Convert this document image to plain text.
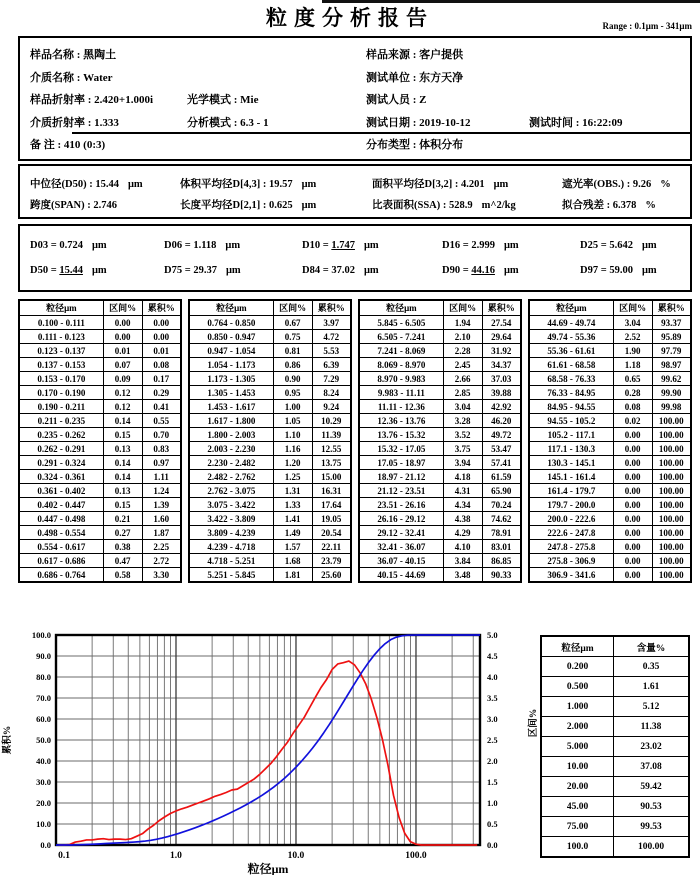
粒度分析报告	Range : 0.1μm - 341μm
样品名称 : 黑陶土	样品来源 : 客户提供
介质名称 : Water	测试单位 : 东方天净
样品折射率 : 2.420+1.000i	光学模式 : Mie	测试人员 : Z
介质折射率 : 1.333	分析模式 : 6.3 - 1	测试日期 : 2019-10-12	测试时间 : 16:22:09
备 注 : 410 (0:3)	分布类型 : 体积分布
中位径(D50) : 15.44 μm	体积平均径D[4,3] : 19.57 μm	面积平均径D[3,2] : 4.201 μm	遮光率(OBS.) : 9.26 %
跨度(SPAN) : 2.746	长度平均径D[2,1] : 0.625 μm	比表面积(SSA) : 528.9 m^2/kg	拟合残差 : 6.378 %
D03 = 0.724 μm	D06 = 1.118 μm	D10 = 1.747 μm	D16 = 2.999 μm	D25 = 5.642 μm
D50 = 15.44 μm	D75 = 29.37 μm	D84 = 37.02 μm	D90 = 44.16 μm	D97 = 59.00 μm
粒径μm	区间%	累积%
0.100 - 0.111	0.00	0.00
0.111 - 0.123	0.00	0.00
0.123 - 0.137	0.01	0.01
0.137 - 0.153	0.07	0.08
0.153 - 0.170	0.09	0.17
0.170 - 0.190	0.12	0.29
0.190 - 0.211	0.12	0.41
0.211 - 0.235	0.14	0.55
0.235 - 0.262	0.15	0.70
0.262 - 0.291	0.13	0.83
0.291 - 0.324	0.14	0.97
0.324 - 0.361	0.14	1.11
0.361 - 0.402	0.13	1.24
0.402 - 0.447	0.15	1.39
0.447 - 0.498	0.21	1.60
0.498 - 0.554	0.27	1.87
0.554 - 0.617	0.38	2.25
0.617 - 0.686	0.47	2.72
0.686 - 0.764	0.58	3.30
粒径μm	区间%	累积%
0.764 - 0.850	0.67	3.97
0.850 - 0.947	0.75	4.72
0.947 - 1.054	0.81	5.53
1.054 - 1.173	0.86	6.39
1.173 - 1.305	0.90	7.29
1.305 - 1.453	0.95	8.24
1.453 - 1.617	1.00	9.24
1.617 - 1.800	1.05	10.29
1.800 - 2.003	1.10	11.39
2.003 - 2.230	1.16	12.55
2.230 - 2.482	1.20	13.75
2.482 - 2.762	1.25	15.00
2.762 - 3.075	1.31	16.31
3.075 - 3.422	1.33	17.64
3.422 - 3.809	1.41	19.05
3.809 - 4.239	1.49	20.54
4.239 - 4.718	1.57	22.11
4.718 - 5.251	1.68	23.79
5.251 - 5.845	1.81	25.60
粒径μm	区间%	累积%
5.845 - 6.505	1.94	27.54
6.505 - 7.241	2.10	29.64
7.241 - 8.069	2.28	31.92
8.069 - 8.970	2.45	34.37
8.970 - 9.983	2.66	37.03
9.983 - 11.11	2.85	39.88
11.11 - 12.36	3.04	42.92
12.36 - 13.76	3.28	46.20
13.76 - 15.32	3.52	49.72
15.32 - 17.05	3.75	53.47
17.05 - 18.97	3.94	57.41
18.97 - 21.12	4.18	61.59
21.12 - 23.51	4.31	65.90
23.51 - 26.16	4.34	70.24
26.16 - 29.12	4.38	74.62
29.12 - 32.41	4.29	78.91
32.41 - 36.07	4.10	83.01
36.07 - 40.15	3.84	86.85
40.15 - 44.69	3.48	90.33
粒径μm	区间%	累积%
44.69 - 49.74	3.04	93.37
49.74 - 55.36	2.52	95.89
55.36 - 61.61	1.90	97.79
61.61 - 68.58	1.18	98.97
68.58 - 76.33	0.65	99.62
76.33 - 84.95	0.28	99.90
84.95 - 94.55	0.08	99.98
94.55 - 105.2	0.02	100.00
105.2 - 117.1	0.00	100.00
117.1 - 130.3	0.00	100.00
130.3 - 145.1	0.00	100.00
145.1 - 161.4	0.00	100.00
161.4 - 179.7	0.00	100.00
179.7 - 200.0	0.00	100.00
200.0 - 222.6	0.00	100.00
222.6 - 247.8	0.00	100.00
247.8 - 275.8	0.00	100.00
275.8 - 306.9	0.00	100.00
306.9 - 341.6	0.00	100.00
0.0
10.0
20.0
30.0
40.0
50.0
60.0
70.0
80.0
90.0
100.0
0.0
0.5
1.0
1.5
2.0
2.5
3.0
3.5
4.0
4.5
5.0
0.1	1.0	10.0	100.0
粒径μm
累积%
区间%
粒径μm	含量%
0.200	0.35
0.500	1.61
1.000	5.12
2.000	11.38
5.000	23.02
10.00	37.08
20.00	59.42
45.00	90.53
75.00	99.53
100.0	100.00
